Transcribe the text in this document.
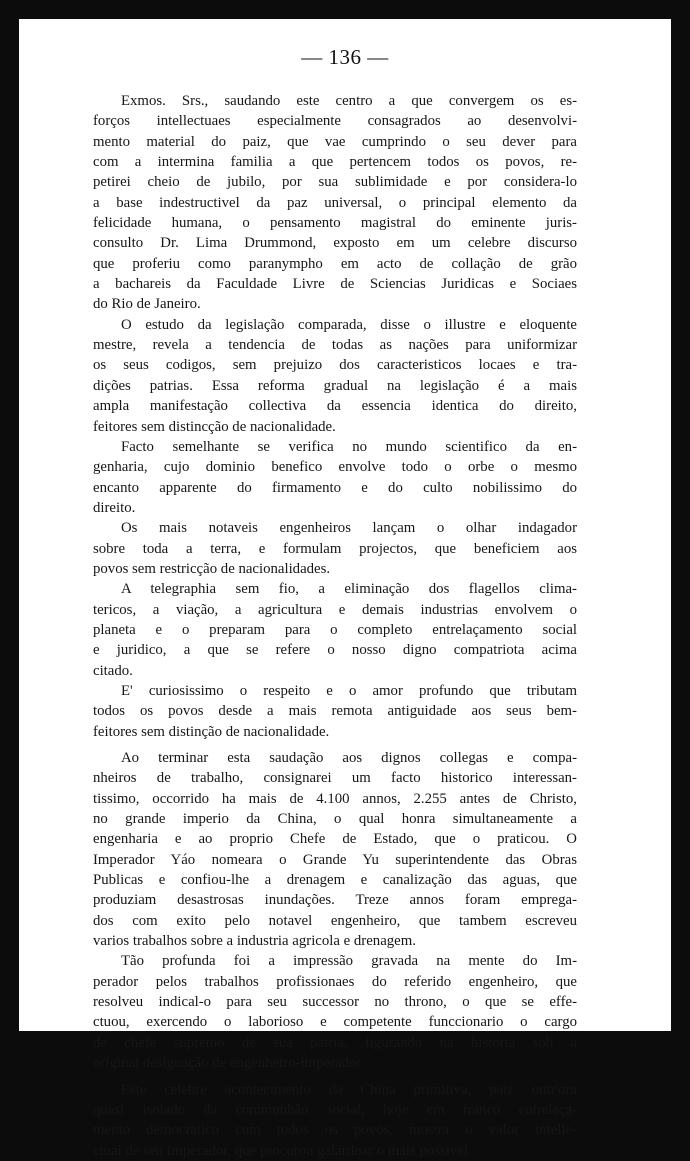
— 136 —
Exmos. Srs., saudando este centro a que convergem os es-
forços intellectuaes especialmente consagrados ao desenvolvi-
mento material do paiz, que vae cumprindo o seu dever para
com a intermina familia a que pertencem todos os povos, re-
petirei cheio de jubilo, por sua sublimidade e por considera-lo
a base indestructivel da paz universal, o principal elemento da
felicidade humana, o pensamento magistral do eminente juris-
consulto Dr. Lima Drummond, exposto em um celebre discurso
que proferiu como paranympho em acto de collação de grão
a bachareis da Faculdade Livre de Sciencias Juridicas e Sociaes
do Rio de Janeiro.
O estudo da legislação comparada, disse o illustre e eloquente
mestre, revela a tendencia de todas as nações para uniformizar
os seus codigos, sem prejuizo dos caracteristicos locaes e tra-
dições patrias. Essa reforma gradual na legislação é a mais
ampla manifestação collectiva da essencia identica do direito,
feitores sem distincção de nacionalidade.
Facto semelhante se verifica no mundo scientifico da en-
genharia, cujo dominio benefico envolve todo o orbe o mesmo
encanto apparente do firmamento e do culto nobilissimo do
direito.
Os mais notaveis engenheiros lançam o olhar indagador
sobre toda a terra, e formulam projectos, que beneficiem aos
povos sem restricção de nacionalidades.
A telegraphia sem fio, a eliminação dos flagellos clima-
tericos, a viação, a agricultura e demais industrias envolvem o
planeta e o preparam para o completo entrelaçamento social
e juridico, a que se refere o nosso digno compatriota acima
citado.
E' curiosissimo o respeito e o amor profundo que tributam
todos os povos desde a mais remota antiguidade aos seus bem-
feitores sem distinção de nacionalidade.
Ao terminar esta saudação aos dignos collegas e compa-
nheiros de trabalho, consignarei um facto historico interessan-
tissimo, occorrido ha mais de 4.100 annos, 2.255 antes de Christo,
no grande imperio da China, o qual honra simultaneamente a
engenharia e ao proprio Chefe de Estado, que o praticou. O
Imperador Yáo nomeara o Grande Yu superintendente das Obras
Publicas e confiou-lhe a drenagem e canalização das aguas, que
produziam desastrosas inundações. Treze annos foram emprega-
dos com exito pelo notavel engenheiro, que tambem escreveu
varios trabalhos sobre a industria agricola e drenagem.
Tão profunda foi a impressão gravada na mente do Im-
perador pelos trabalhos profissionaes do referido engenheiro, que
resolveu indical-o para seu successor no throno, o que se effe-
ctuou, exercendo o laborioso e competente funccionario o cargo
de chefe supremo de sua patria, figurando na historia sob a
original designação de engenheiro-imperador.
Este celebre acontecimento da China primitiva, paiz outr'ora
quasi isolado da communhão social, hoje em franco entrelaça-
mento democratico com todos os povos, mostra o valor intelle-
ctual de seu Imperador, que procurou galardoar o mais possivel
